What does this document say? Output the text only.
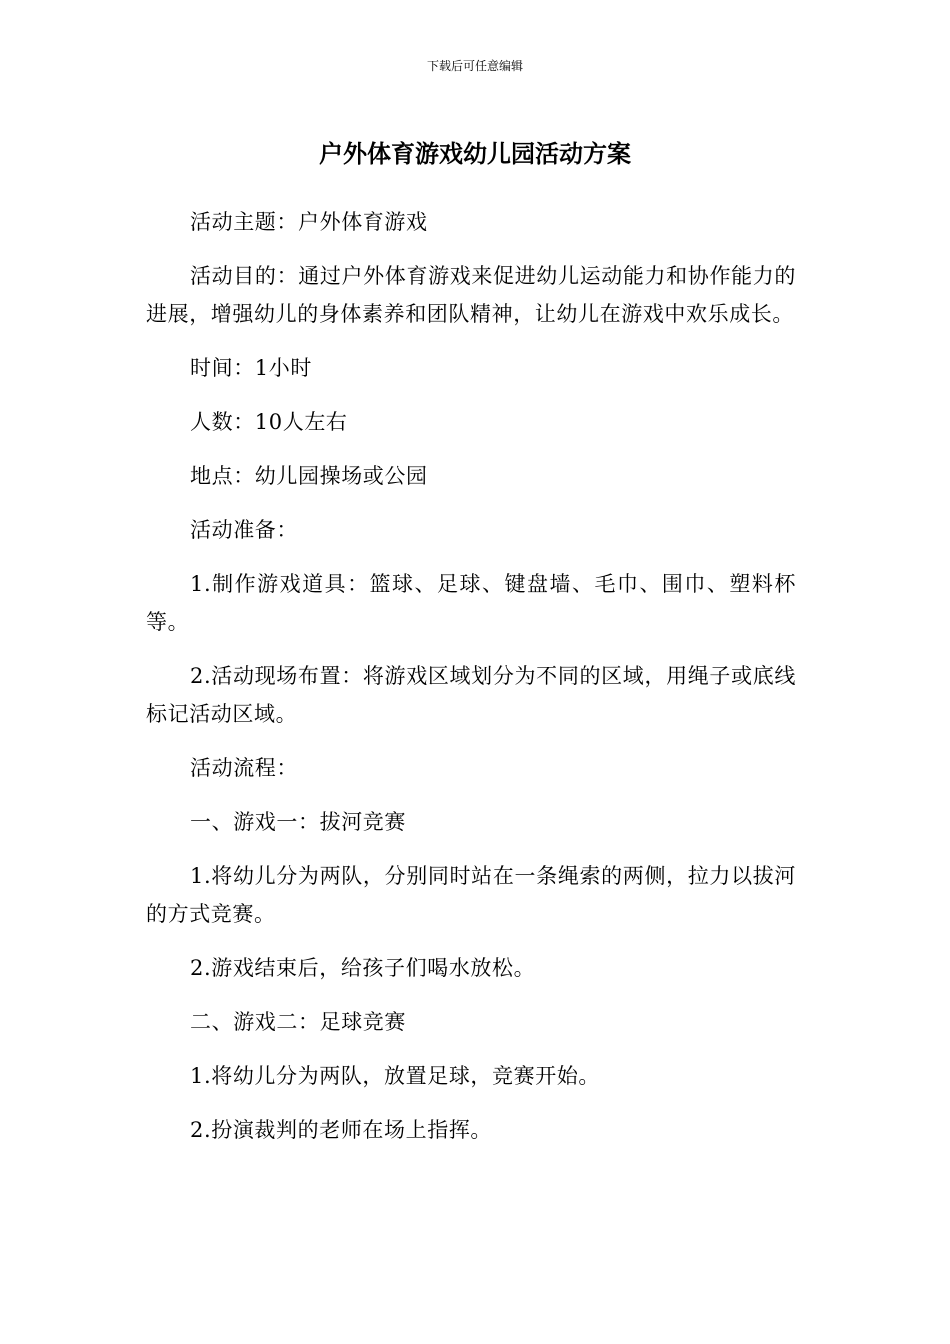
下载后可任意编辑
户外体育游戏幼儿园活动方案

活动主题：户外体育游戏

活动目的：通过户外体育游戏来促进幼儿运动能力和协作能力的进展，增强幼儿的身体素养和团队精神，让幼儿在游戏中欢乐成长。

时间：1小时

人数：10人左右

地点：幼儿园操场或公园

活动准备：

1.制作游戏道具：篮球、足球、键盘墙、毛巾、围巾、塑料杯等。

2.活动现场布置：将游戏区域划分为不同的区域，用绳子或底线标记活动区域。

活动流程：

一、游戏一：拔河竞赛

1.将幼儿分为两队，分别同时站在一条绳索的两侧，拉力以拔河的方式竞赛。

2.游戏结束后，给孩子们喝水放松。

二、游戏二：足球竞赛

1.将幼儿分为两队，放置足球，竞赛开始。

2.扮演裁判的老师在场上指挥。
